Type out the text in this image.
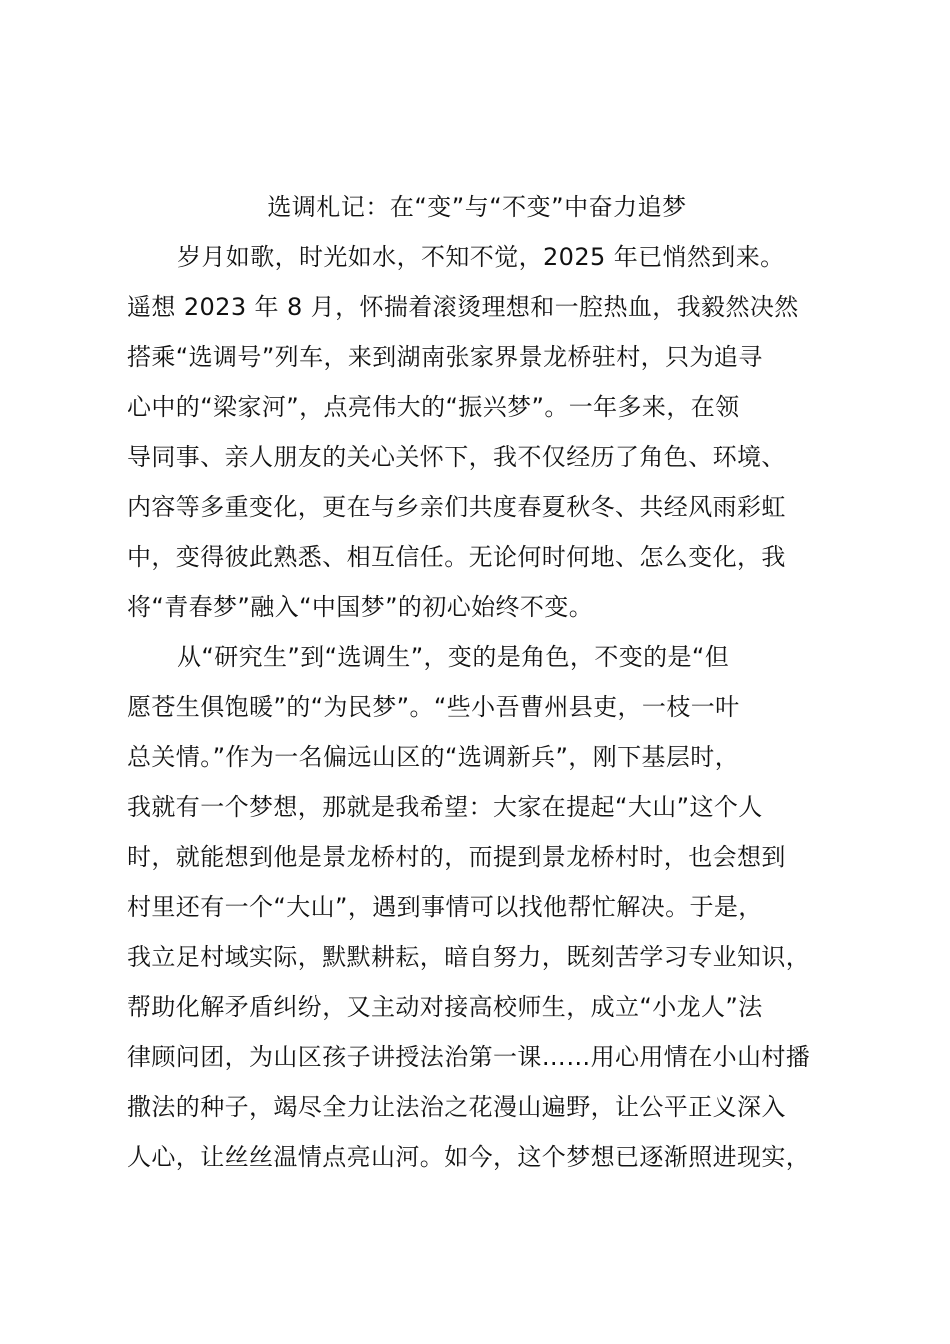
选调札记：在“变”与“不变”中奋力追梦
岁月如歌，时光如水，不知不觉，2025 年已悄然到来。
遥想 2023 年 8 月，怀揣着滚烫理想和一腔热血，我毅然决然
搭乘“选调号”列车，来到湖南张家界景龙桥驻村，只为追寻
心中的“梁家河”，点亮伟大的“振兴梦”。一年多来，在领
导同事、亲人朋友的关心关怀下，我不仅经历了角色、环境、
内容等多重变化，更在与乡亲们共度春夏秋冬、共经风雨彩虹
中，变得彼此熟悉、相互信任。无论何时何地、怎么变化，我
将“青春梦”融入“中国梦”的初心始终不变。
从“研究生”到“选调生”，变的是角色，不变的是“但
愿苍生俱饱暖”的“为民梦”。“些小吾曹州县吏，一枝一叶
总关情。”作为一名偏远山区的“选调新兵”，刚下基层时，
我就有一个梦想，那就是我希望：大家在提起“大山”这个人
时，就能想到他是景龙桥村的，而提到景龙桥村时，也会想到
村里还有一个“大山”，遇到事情可以找他帮忙解决。于是，
我立足村域实际，默默耕耘，暗自努力，既刻苦学习专业知识，
帮助化解矛盾纠纷，又主动对接高校师生，成立“小龙人”法
律顾问团，为山区孩子讲授法治第一课……用心用情在小山村播
撒法的种子，竭尽全力让法治之花漫山遍野，让公平正义深入
人心，让丝丝温情点亮山河。如今，这个梦想已逐渐照进现实，
